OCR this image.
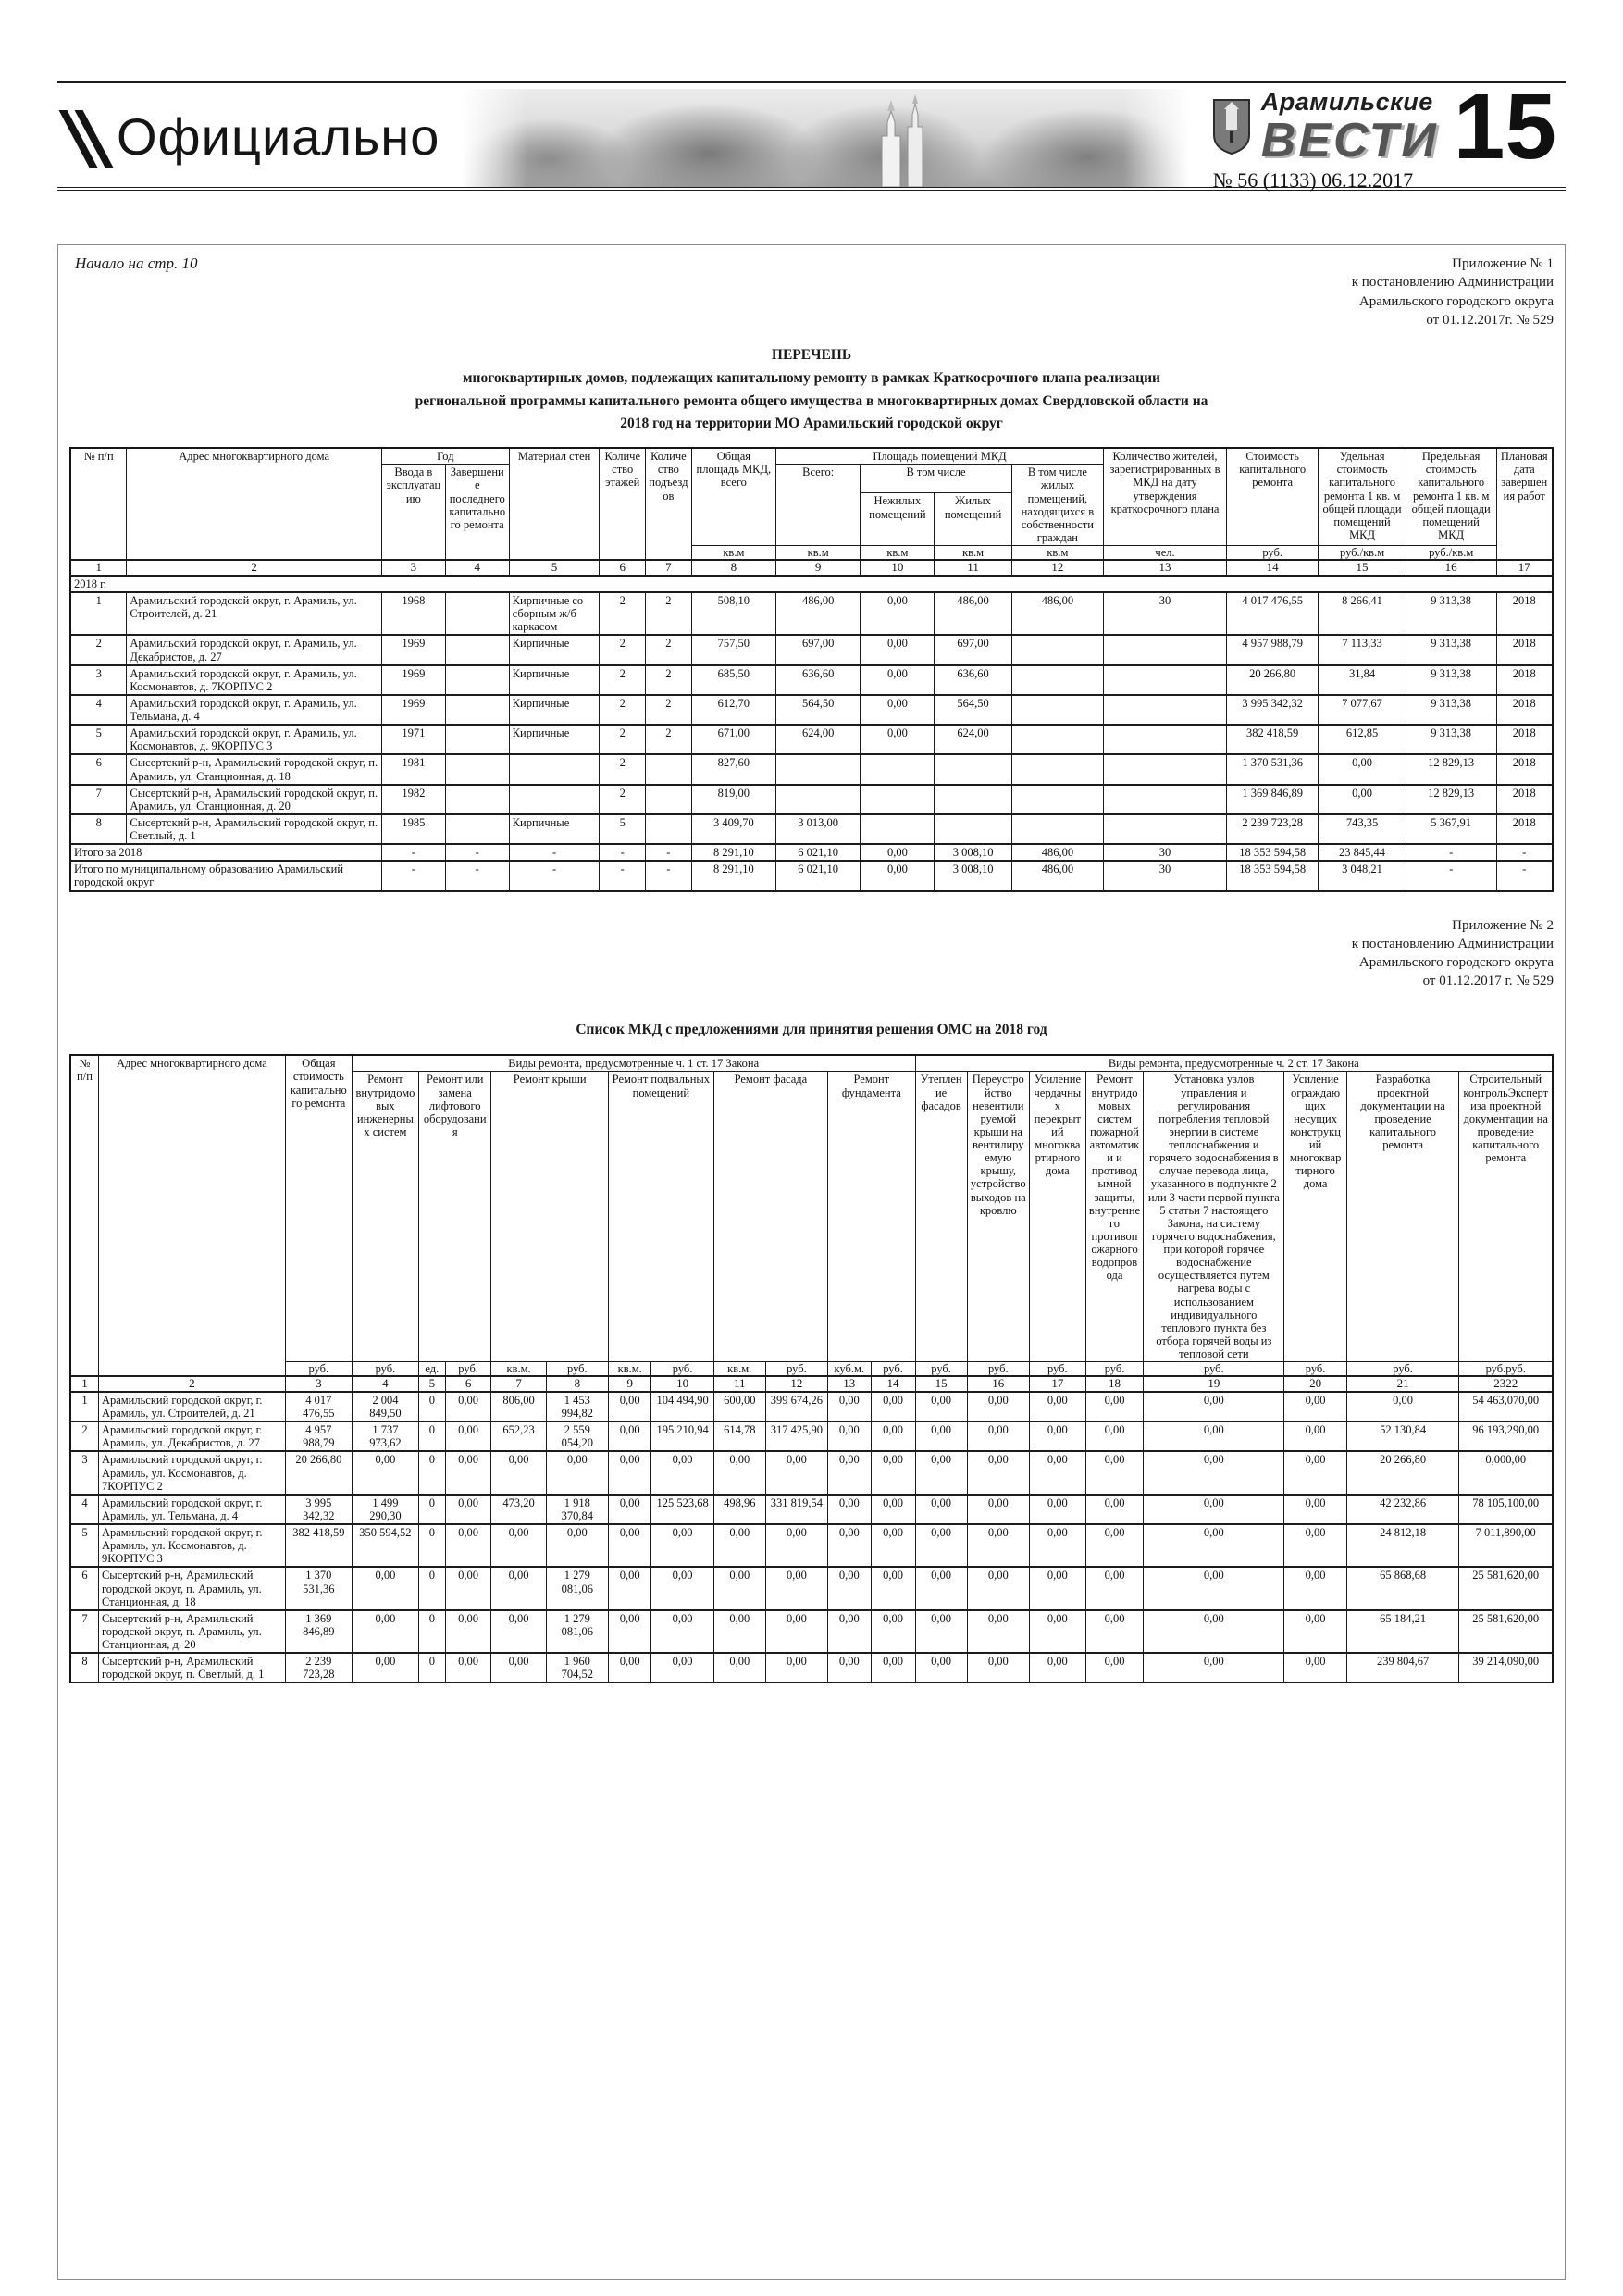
Официально
Арамильские
ВЕСТИ 15
№ 56 (1133) 06.12.2017
Начало на стр. 10	Приложение № 1
к постановлению Администрации
Арамильского городского округа
от 01.12.2017г. № 529
ПЕРЕЧЕНЬ
многоквартирных домов, подлежащих капитальному ремонту в рамках Краткосрочного плана реализации
региональной программы капитального ремонта общего имущества в многоквартирных домах Свердловской области на
2018 год на территории МО Арамильский городской округ
№ п/п	Адрес многоквартирного дома	Год		Материал стен	Количество этажей	Количество подъездов	Общая площадь МКД, всего	Площадь помещений МКД				Количество жителей, зарегистрированных в МКД на дату утверждения краткосрочного плана	Стоимость капитального ремонта	Удельная стоимость капитального ремонта 1 кв. м общей площади помещений МКД	Предельная стоимость капитального ремонта 1 кв. м общей площади помещений МКД	Плановая дата завершения работ
		Ввода в эксплуатацию	Завершение последнего капитального ремонта					Всего:	В том числе		В том числе жилых помещений, находящихся в собственности граждан					
									Нежилых помещений	Жилых помещений						
							кв.м	кв.м	кв.м	кв.м	кв.м	чел.	руб.	руб./кв.м	руб./кв.м	
1	2	3	4	5	6	7	8	9	10	11	12	13	14	15	16	17
2018 г.																
1	Арамильский городской округ, г. Арамиль, ул. Строителей, д. 21	1968		Кирпичные со сборным ж/б каркасом	2	2	508,10	486,00	0,00	486,00	486,00	30	4 017 476,55	8 266,41	9 313,38	2018
2	Арамильский городской округ, г. Арамиль, ул. Декабристов, д. 27	1969		Кирпичные	2	2	757,50	697,00	0,00	697,00			4 957 988,79	7 113,33	9 313,38	2018
3	Арамильский городской округ, г. Арамиль, ул. Космонавтов, д. 7КОРПУС 2	1969		Кирпичные	2	2	685,50	636,60	0,00	636,60			20 266,80	31,84	9 313,38	2018
4	Арамильский городской округ, г. Арамиль, ул. Тельмана, д. 4	1969		Кирпичные	2	2	612,70	564,50	0,00	564,50			3 995 342,32	7 077,67	9 313,38	2018
5	Арамильский городской округ, г. Арамиль, ул. Космонавтов, д. 9КОРПУС 3	1971		Кирпичные	2	2	671,00	624,00	0,00	624,00			382 418,59	612,85	9 313,38	2018
6	Сысертский р-н, Арамильский городской округ, п. Арамиль, ул. Станционная, д. 18	1981			2		827,60						1 370 531,36	0,00	12 829,13	2018
7	Сысертский р-н, Арамильский городской округ, п. Арамиль, ул. Станционная, д. 20	1982			2		819,00						1 369 846,89	0,00	12 829,13	2018
8	Сысертский р-н, Арамильский городской округ, п. Светлый, д. 1	1985		Кирпичные	5		3 409,70	3 013,00					2 239 723,28	743,35	5 367,91	2018
Итого за 2018		-	-	-	-	-	8 291,10	6 021,10	0,00	3 008,10	486,00	30	18 353 594,58	23 845,44	-	-
Итого по муниципальному образованию Арамильский городской округ		-	-	-	-	-	8 291,10	6 021,10	0,00	3 008,10	486,00	30	18 353 594,58	3 048,21	-	-
Приложение № 2
к постановлению Администрации
Арамильского городского округа
от 01.12.2017 г. № 529
Список МКД с предложениями для принятия решения ОМС на 2018 год
№ п/п	Адрес многоквартирного дома	Общая стоимость капитального ремонта	Виды ремонта, предусмотренные ч. 1 ст. 17 Закона											Виды ремонта, предусмотренные ч. 2 ст. 17 Закона							
			Ремонт внутридомовых инженерных систем	Ремонт или замена лифтового оборудования		Ремонт крыши		Ремонт подвальных помещений		Ремонт фасада		Ремонт фундамента		Утепление фасадов	Переустройство невентилируемой крыши на вентилируемую крышу, устройство выходов на кровлю	Усиление чердачных перекрытий многоквартирного дома	Ремонт внутридомовых систем пожарной автоматики и противодымной защиты, внутреннего противопожарного водопровода	Установка узлов управления и регулирования потребления тепловой энергии в системе теплоснабжения и горячего водоснабжения в случае перевода лица, указанного в подпункте 2 или 3 части первой пункта 5 статьи 7 настоящего Закона, на систему горячего водоснабжения, при которой горячее водоснабжение осуществляется путем нагрева воды с использованием индивидуального теплового пункта без отбора горячей воды из тепловой сети	Усиление ограждающих несущих конструкций многоквартирного дома	Разработка проектной документации на проведение капитального ремонта	Строительный контрольЭкспертиза проектной документации на проведение капитального ремонта
		руб.	руб.	ед.	руб.	кв.м.	руб.	кв.м.	руб.	кв.м.	руб.	куб.м.	руб.	руб.	руб.	руб.	руб.	руб.	руб.	руб.	руб.руб.
1	2	3	4	5	6	7	8	9	10	11	12	13	14	15	16	17	18	19	20	21	2322
1	Арамильский городской округ, г. Арамиль, ул. Строителей, д. 21	4 017 476,55	2 004 849,50	0	0,00	806,00	1 453 994,82	0,00	104 494,90	600,00	399 674,26	0,00	0,00	0,00	0,00	0,00	0,00	0,00	0,00	0,00	54 463,070,00
2	Арамильский городской округ, г. Арамиль, ул. Декабристов, д. 27	4 957 988,79	1 737 973,62	0	0,00	652,23	2 559 054,20	0,00	195 210,94	614,78	317 425,90	0,00	0,00	0,00	0,00	0,00	0,00	0,00	0,00	52 130,84	96 193,290,00
3	Арамильский городской округ, г. Арамиль, ул. Космонавтов, д. 7КОРПУС 2	20 266,80	0,00	0	0,00	0,00	0,00	0,00	0,00	0,00	0,00	0,00	0,00	0,00	0,00	0,00	0,00	0,00	0,00	20 266,80	0,000,00
4	Арамильский городской округ, г. Арамиль, ул. Тельмана, д. 4	3 995 342,32	1 499 290,30	0	0,00	473,20	1 918 370,84	0,00	125 523,68	498,96	331 819,54	0,00	0,00	0,00	0,00	0,00	0,00	0,00	0,00	42 232,86	78 105,100,00
5	Арамильский городской округ, г. Арамиль, ул. Космонавтов, д. 9КОРПУС 3	382 418,59	350 594,52	0	0,00	0,00	0,00	0,00	0,00	0,00	0,00	0,00	0,00	0,00	0,00	0,00	0,00	0,00	0,00	24 812,18	7 011,890,00
6	Сысертский р-н, Арамильский городской округ, п. Арамиль, ул. Станционная, д. 18	1 370 531,36	0,00	0	0,00	0,00	1 279 081,06	0,00	0,00	0,00	0,00	0,00	0,00	0,00	0,00	0,00	0,00	0,00	0,00	65 868,68	25 581,620,00
7	Сысертский р-н, Арамильский городской округ, п. Арамиль, ул. Станционная, д. 20	1 369 846,89	0,00	0	0,00	0,00	1 279 081,06	0,00	0,00	0,00	0,00	0,00	0,00	0,00	0,00	0,00	0,00	0,00	0,00	65 184,21	25 581,620,00
8	Сысертский р-н, Арамильский городской округ, п. Светлый, д. 1	2 239 723,28	0,00	0	0,00	0,00	1 960 704,52	0,00	0,00	0,00	0,00	0,00	0,00	0,00	0,00	0,00	0,00	0,00	0,00	239 804,67	39 214,090,00
